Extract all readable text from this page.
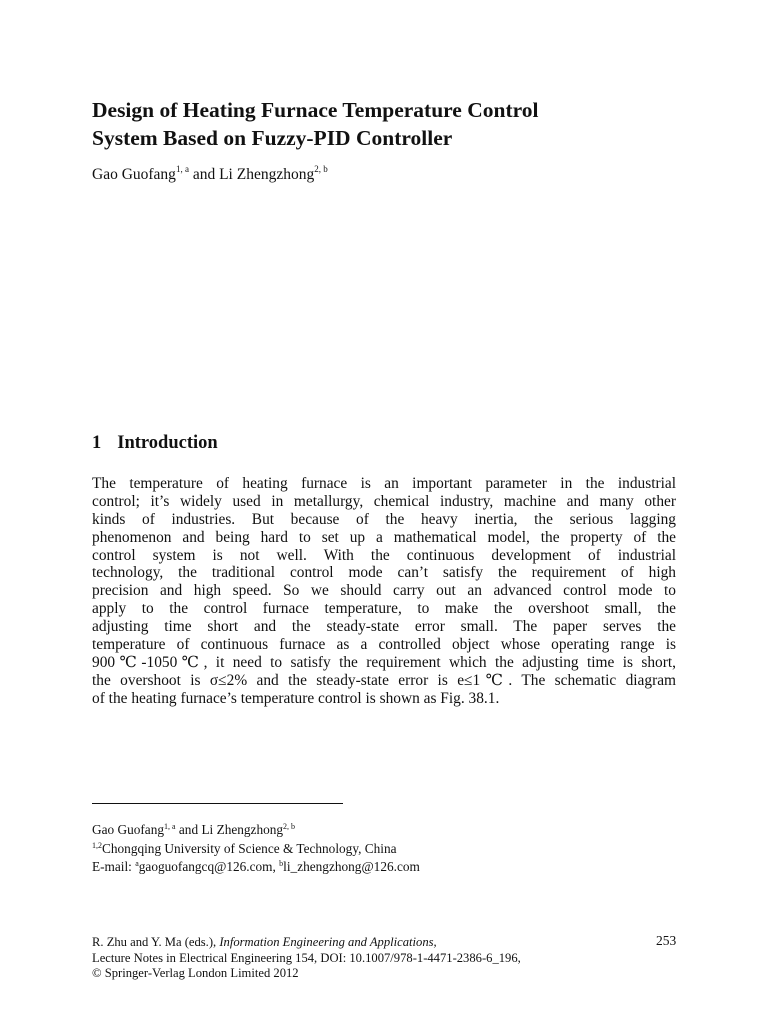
Design of Heating Furnace Temperature Control
System Based on Fuzzy-PID Controller
Gao Guofang$^{1, a}$ and Li Zhengzhong$^{2, b}$
1 Introduction
The temperature of heating furnace is an important parameter in the industrial
control; it’s widely used in metallurgy, chemical industry, machine and many other
kinds of industries. But because of the heavy inertia, the serious lagging
phenomenon and being hard to set up a mathematical model, the property of the
control system is not well. With the continuous development of industrial
technology, the traditional control mode can’t satisfy the requirement of high
precision and high speed. So we should carry out an advanced control mode to
apply to the control furnace temperature, to make the overshoot small, the
adjusting time short and the steady-state error small. The paper serves the
temperature of continuous furnace as a controlled object whose operating range is
900℃-1050℃, it need to satisfy the requirement which the adjusting time is short,
the overshoot is σ≤2% and the steady-state error is e≤1℃. The schematic diagram
of the heating furnace’s temperature control is shown as Fig. 38.1.
Gao Guofang$^{1, a}$ and Li Zhengzhong$^{2, b}$
$^{1,2}$Chongqing University of Science & Technology, China
E-mail: $^a$gaoguofangcq@126.com, $^b$li_zhengzhong@126.com
R. Zhu and Y. Ma (eds.), Information Engineering and Applications,
Lecture Notes in Electrical Engineering 154, DOI: 10.1007/978-1-4471-2386-6_196,
© Springer-Verlag London Limited 2012
253
